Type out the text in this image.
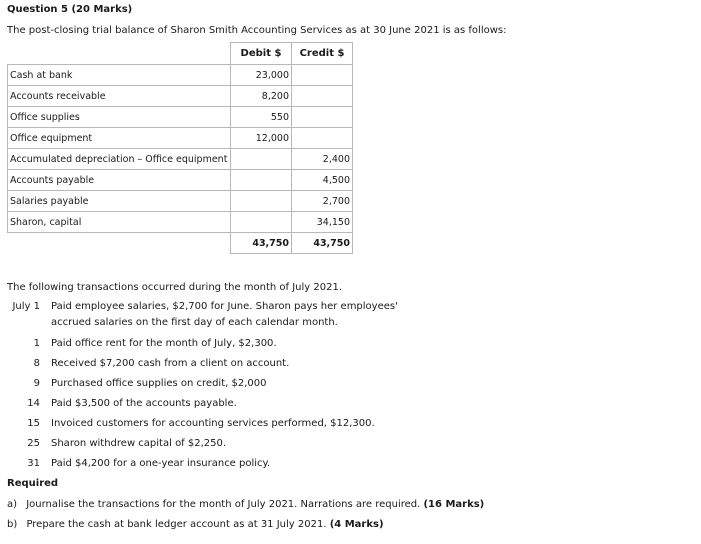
Question 5 (20 Marks)
The post-closing trial balance of Sharon Smith Accounting Services as at 30 June 2021 is as follows:
	Debit $	Credit $
Cash at bank	23,000	
Accounts receivable	8,200	
Office supplies	550	
Office equipment	12,000	
Accumulated depreciation – Office equipment		2,400
Accounts payable		4,500
Salaries payable		2,700
Sharon, capital		34,150
	43,750	43,750
The following transactions occurred during the month of July 2021.
July 1 Paid employee salaries, $2,700 for June. Sharon pays her employees'
accrued salaries on the first day of each calendar month.
1 Paid office rent for the month of July, $2,300.
8 Received $7,200 cash from a client on account.
9 Purchased office supplies on credit, $2,000
14 Paid $3,500 of the accounts payable.
15 Invoiced customers for accounting services performed, $12,300.
25 Sharon withdrew capital of $2,250.
31 Paid $4,200 for a one-year insurance policy.
Required
a) Journalise the transactions for the month of July 2021. Narrations are required. (16 Marks)
b) Prepare the cash at bank ledger account as at 31 July 2021. (4 Marks)
